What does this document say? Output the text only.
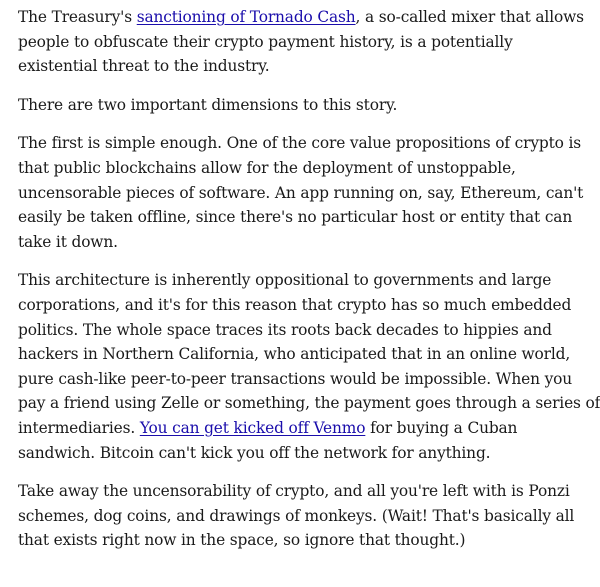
The Treasury's sanctioning of Tornado Cash, a so-called mixer that allows
people to obfuscate their crypto payment history, is a potentially
existential threat to the industry.

There are two important dimensions to this story.

The first is simple enough. One of the core value propositions of crypto is
that public blockchains allow for the deployment of unstoppable,
uncensorable pieces of software. An app running on, say, Ethereum, can't
easily be taken offline, since there's no particular host or entity that can
take it down.

This architecture is inherently oppositional to governments and large
corporations, and it's for this reason that crypto has so much embedded
politics. The whole space traces its roots back decades to hippies and
hackers in Northern California, who anticipated that in an online world,
pure cash-like peer-to-peer transactions would be impossible. When you
pay a friend using Zelle or something, the payment goes through a series of
intermediaries. You can get kicked off Venmo for buying a Cuban
sandwich. Bitcoin can't kick you off the network for anything.

Take away the uncensorability of crypto, and all you're left with is Ponzi
schemes, dog coins, and drawings of monkeys. (Wait! That's basically all
that exists right now in the space, so ignore that thought.)
